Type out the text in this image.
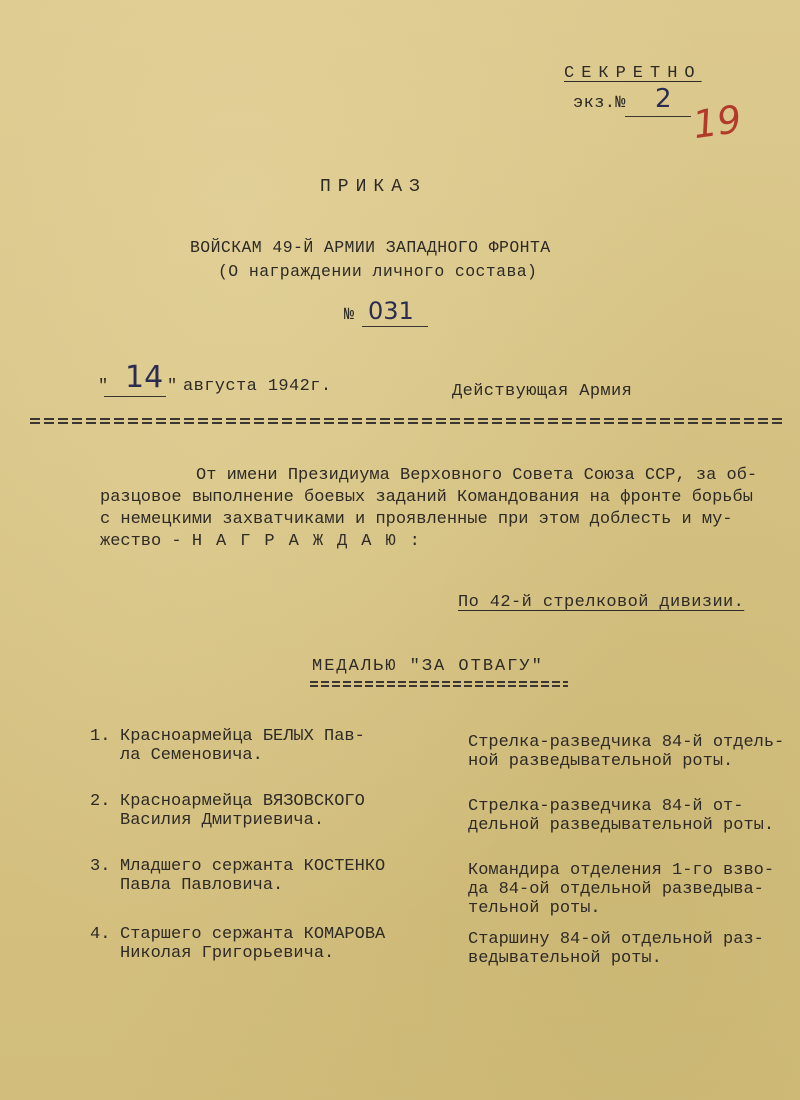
СЕКРЕТНО
экз.№ 2 19
ПРИКАЗ
ВОЙСКАМ 49-Й АРМИИ ЗАПАДНОГО ФРОНТА
(О награждении личного состава)
№ 031
" 14 " августа 1942г.	Действующая Армия
От имени Президиума Верховного Совета Союза ССР, за об-
разцовое выполнение боевых заданий Командования на фронте борьбы
с немецкими захватчиками и проявленные при этом доблесть и му-
жество - НАГРАЖДАЮ:
По 42-й стрелковой дивизии.
МЕДАЛЬЮ "ЗА ОТВАГУ"
1. Красноармейца БЕЛЫХ Пав-
ла Семеновича.
Стрелка-разведчика 84-й отдель-
ной разведывательной роты.
2. Красноармейца ВЯЗОВСКОГО
Василия Дмитриевича.
Стрелка-разведчика 84-й от-
дельной разведывательной роты.
3. Младшего сержанта КОСТЕНКО
Павла Павловича.
Командира отделения 1-го взво-
да 84-ой отдельной разведыва-
тельной роты.
4. Старшего сержанта КОМАРОВА
Николая Григорьевича.
Старшину 84-ой отдельной раз-
ведывательной роты.
